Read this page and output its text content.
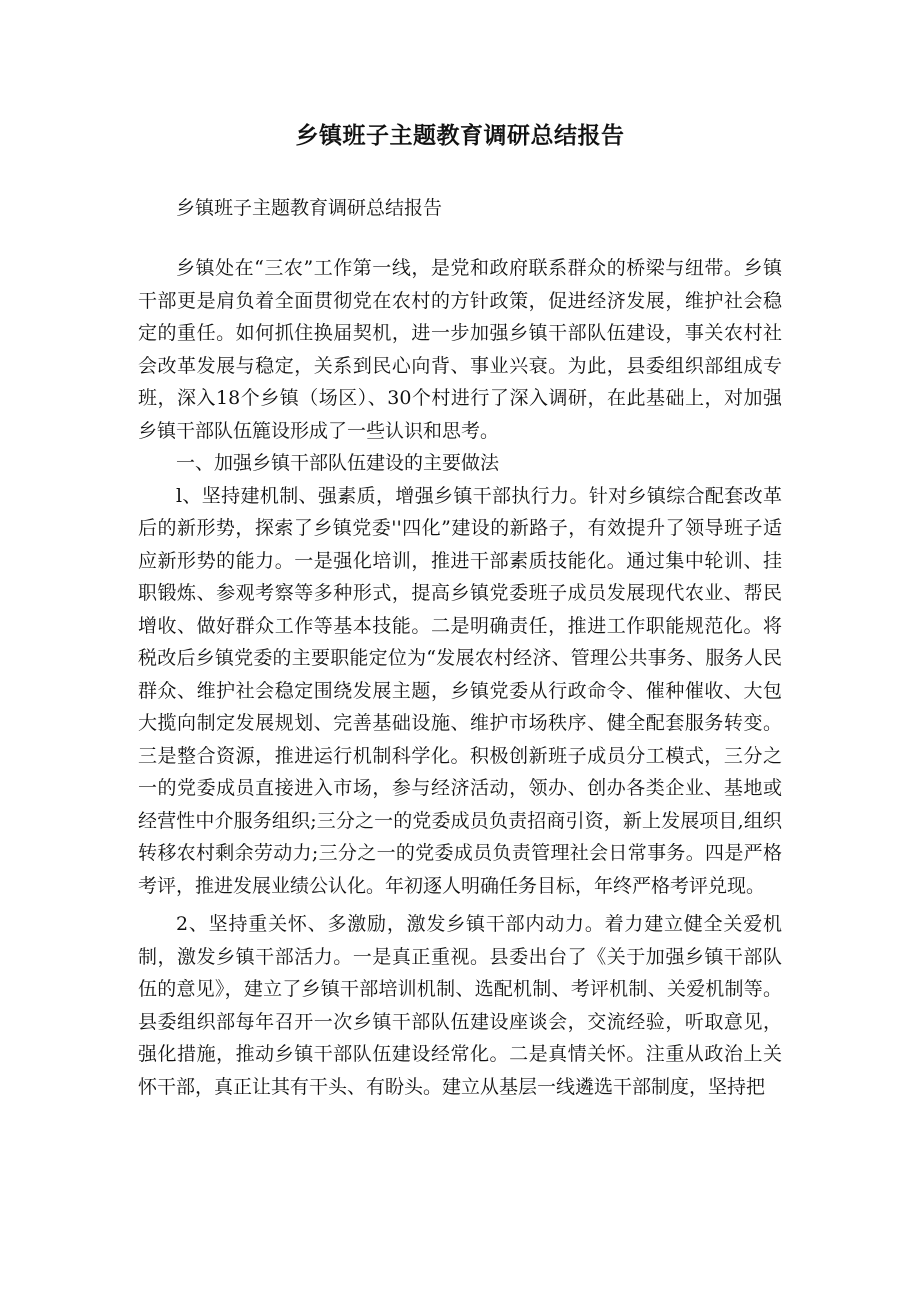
乡镇班子主题教育调研总结报告

乡镇班子主题教育调研总结报告

乡镇处在“三农”工作第一线，是党和政府联系群众的桥梁与纽带。乡镇干部更是肩负着全面贯彻党在农村的方针政策，促进经济发展，维护社会稳定的重任。如何抓住换届契机，进一步加强乡镇干部队伍建设，事关农村社会改革发展与稳定，关系到民心向背、事业兴衰。为此，县委组织部组成专班，深入18个乡镇（场区）、30个村进行了深入调研，在此基础上，对加强乡镇干部队伍簏设形成了一些认识和思考。

一、加强乡镇干部队伍建设的主要做法

l、坚持建机制、强素质，增强乡镇干部执行力。针对乡镇综合配套改革后的新形势，探索了乡镇党委''四化”建设的新路子，有效提升了领导班子适应新形势的能力。一是强化培训，推进干部素质技能化。通过集中轮训、挂职锻炼、参观考察等多种形式，提高乡镇党委班子成员发展现代农业、帮民增收、做好群众工作等基本技能。二是明确责任，推进工作职能规范化。将税改后乡镇党委的主要职能定位为“发展农村经济、管理公共事务、服务人民群众、维护社会稳定围绕发展主题，乡镇党委从行政命令、催种催收、大包大揽向制定发展规划、完善基础设施、维护市场秩序、健全配套服务转变。三是整合资源，推进运行机制科学化。积极创新班子成员分工模式，三分之一的党委成员直接进入市场，参与经济活动，领办、创办各类企业、基地或经营性中介服务组织;三分之一的党委成员负责招商引资，新上发展项目,组织转移农村剩余劳动力;三分之一的党委成员负责管理社会日常事务。四是严格考评，推进发展业绩公认化。年初逐人明确任务目标，年终严格考评兑现。

2、坚持重关怀、多激励，激发乡镇干部内动力。着力建立健全关爱机制，激发乡镇干部活力。一是真正重视。县委出台了《关于加强乡镇干部队伍的意见》，建立了乡镇干部培训机制、选配机制、考评机制、关爱机制等。县委组织部每年召开一次乡镇干部队伍建设座谈会，交流经验，听取意见，强化措施，推动乡镇干部队伍建设经常化。二是真情关怀。注重从政治上关怀干部，真正让其有干头、有盼头。建立从基层一线遴选干部制度，坚持把
